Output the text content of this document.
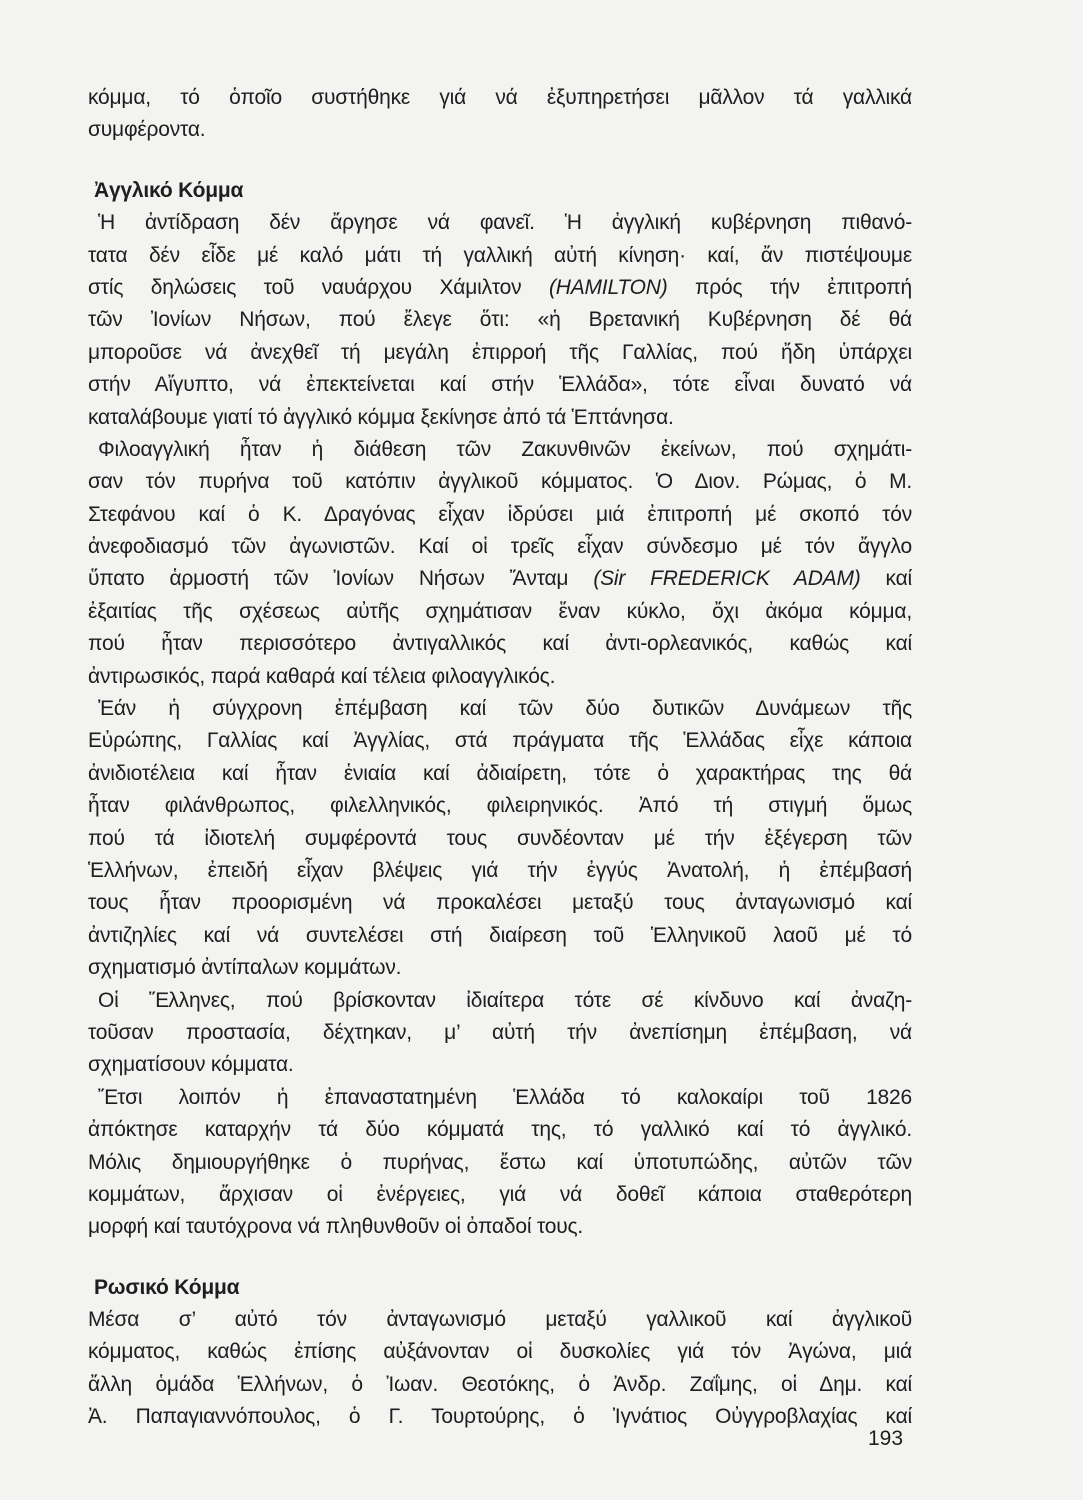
κόμμα, τό ὁποῖο συστήθηκε γιά νά ἐξυπηρετήσει μᾶλλον τά γαλλικά
συμφέροντα.
Ἀγγλικό Κόμμα
Ἡ ἀντίδραση δέν ἄργησε νά φανεῖ. Ἡ ἀγγλική κυβέρνηση πιθανό-
τατα δέν εἶδε μέ καλό μάτι τή γαλλική αὐτή κίνηση· καί, ἄν πιστέψουμε
στίς δηλώσεις τοῦ ναυάρχου Χάμιλτον (HAMILTON) πρός τήν ἐπιτροπή
τῶν Ἰονίων Νήσων, πού ἔλεγε ὅτι: «ἡ Βρετανική Κυβέρνηση δέ θά
μποροῦσε νά ἀνεχθεῖ τή μεγάλη ἐπιρροή τῆς Γαλλίας, πού ἤδη ὑπάρχει
στήν Αἴγυπτο, νά ἐπεκτείνεται καί στήν Ἑλλάδα», τότε εἶναι δυνατό νά
καταλάβουμε γιατί τό ἀγγλικό κόμμα ξεκίνησε ἀπό τά Ἑπτάνησα.
Φιλοαγγλική ἦταν ἡ διάθεση τῶν Ζακυνθινῶν ἐκείνων, πού σχημάτι-
σαν τόν πυρήνα τοῦ κατόπιν ἀγγλικοῦ κόμματος. Ὁ Διον. Ρώμας, ὁ Μ.
Στεφάνου καί ὁ Κ. Δραγόνας εἶχαν ἱδρύσει μιά ἐπιτροπή μέ σκοπό τόν
ἀνεφοδιασμό τῶν ἀγωνιστῶν. Καί οἱ τρεῖς εἶχαν σύνδεσμο μέ τόν ἄγγλο
ὕπατο ἁρμοστή τῶν Ἰονίων Νήσων Ἄνταμ (Sir FREDERICK ADAM) καί
ἐξαιτίας τῆς σχέσεως αὐτῆς σχημάτισαν ἕναν κύκλο, ὄχι ἀκόμα κόμμα,
πού ἦταν περισσότερο ἀντιγαλλικός καί ἀντι-ορλεανικός, καθώς καί
ἀντιρωσικός, παρά καθαρά καί τέλεια φιλοαγγλικός.
Ἐάν ἡ σύγχρονη ἐπέμβαση καί τῶν δύο δυτικῶν Δυνάμεων τῆς
Εὐρώπης, Γαλλίας καί Ἀγγλίας, στά πράγματα τῆς Ἑλλάδας εἶχε κάποια
ἀνιδιοτέλεια καί ἦταν ἑνιαία καί ἀδιαίρετη, τότε ὁ χαρακτήρας της θά
ἦταν φιλάνθρωπος, φιλελληνικός, φιλειρηνικός. Ἀπό τή στιγμή ὅμως
πού τά ἰδιοτελή συμφέροντά τους συνδέονταν μέ τήν ἐξέγερση τῶν
Ἑλλήνων, ἐπειδή εἶχαν βλέψεις γιά τήν ἐγγύς Ἀνατολή, ἡ ἐπέμβασή
τους ἦταν προορισμένη νά προκαλέσει μεταξύ τους ἀνταγωνισμό καί
ἀντιζηλίες καί νά συντελέσει στή διαίρεση τοῦ Ἑλληνικοῦ λαοῦ μέ τό
σχηματισμό ἀντίπαλων κομμάτων.
Οἱ Ἕλληνες, πού βρίσκονταν ἰδιαίτερα τότε σέ κίνδυνο καί ἀναζη-
τοῦσαν προστασία, δέχτηκαν, μ’ αὐτή τήν ἀνεπίσημη ἐπέμβαση, νά
σχηματίσουν κόμματα.
Ἔτσι λοιπόν ἡ ἐπαναστατημένη Ἑλλάδα τό καλοκαίρι τοῦ 1826
ἀπόκτησε καταρχήν τά δύο κόμματά της, τό γαλλικό καί τό ἀγγλικό.
Μόλις δημιουργήθηκε ὁ πυρήνας, ἔστω καί ὑποτυπώδης, αὐτῶν τῶν
κομμάτων, ἄρχισαν οἱ ἐνέργειες, γιά νά δοθεῖ κάποια σταθερότερη
μορφή καί ταυτόχρονα νά πληθυνθοῦν οἱ ὀπαδοί τους.
Ρωσικό Κόμμα
Μέσα σ’ αὐτό τόν ἀνταγωνισμό μεταξύ γαλλικοῦ καί ἀγγλικοῦ
κόμματος, καθώς ἐπίσης αὐξάνονταν οἱ δυσκολίες γιά τόν Ἀγώνα, μιά
ἄλλη ὁμάδα Ἑλλήνων, ὁ Ἰωαν. Θεοτόκης, ὁ Ἀνδρ. Ζαΐμης, οἱ Δημ. καί
Ἀ. Παπαγιαννόπουλος, ὁ Γ. Τουρτούρης, ὁ Ἰγνάτιος Οὐγγροβλαχίας καί
193
